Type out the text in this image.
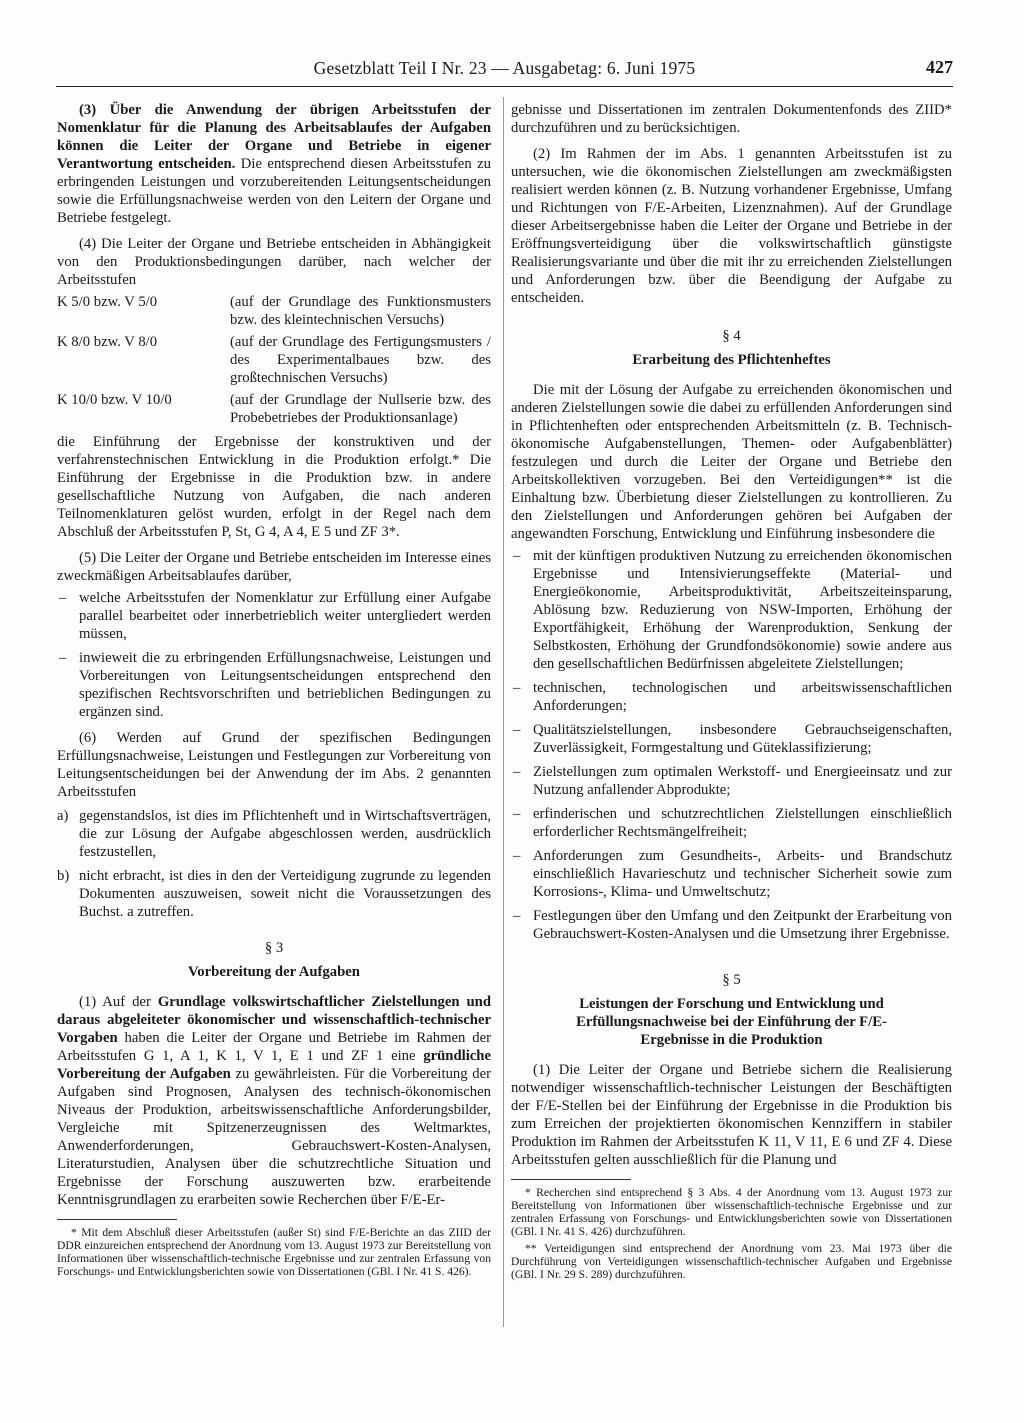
Gesetzblatt Teil I Nr. 23 — Ausgabetag: 6. Juni 1975	427

(3) Über die Anwendung der übrigen Arbeitsstufen der Nomenklatur für die Planung des Arbeitsablaufes der Aufgaben können die Leiter der Organe und Betriebe in eigener Verantwortung entscheiden. Die entsprechend diesen Arbeitsstufen zu erbringenden Leistungen und vorzubereitenden Leitungsentscheidungen sowie die Erfüllungsnachweise werden von den Leitern der Organe und Betriebe festgelegt.

(4) Die Leiter der Organe und Betriebe entscheiden in Abhängigkeit von den Produktionsbedingungen darüber, nach welcher der Arbeitsstufen

K 5/0 bzw. V 5/0	(auf der Grundlage des Funktionsmusters bzw. des kleintechnischen Versuchs)
K 8/0 bzw. V 8/0	(auf der Grundlage des Fertigungsmusters / des Experimentalbaues bzw. des großtechnischen Versuchs)
K 10/0 bzw. V 10/0	(auf der Grundlage der Nullserie bzw. des Probebetriebes der Produktionsanlage)

die Einführung der Ergebnisse der konstruktiven und der verfahrenstechnischen Entwicklung in die Produktion erfolgt.* Die Einführung der Ergebnisse in die Produktion bzw. in andere gesellschaftliche Nutzung von Aufgaben, die nach anderen Teilnomenklaturen gelöst wurden, erfolgt in der Regel nach dem Abschluß der Arbeitsstufen P, St, G 4, A 4, E 5 und ZF 3*.

(5) Die Leiter der Organe und Betriebe entscheiden im Interesse eines zweckmäßigen Arbeitsablaufes darüber,

– welche Arbeitsstufen der Nomenklatur zur Erfüllung einer Aufgabe parallel bearbeitet oder innerbetrieblich weiter untergliedert werden müssen,
– inwieweit die zu erbringenden Erfüllungsnachweise, Leistungen und Vorbereitungen von Leitungsentscheidungen entsprechend den spezifischen Rechtsvorschriften und betrieblichen Bedingungen zu ergänzen sind.

(6) Werden auf Grund der spezifischen Bedingungen Erfüllungsnachweise, Leistungen und Festlegungen zur Vorbereitung von Leitungsentscheidungen bei der Anwendung der im Abs. 2 genannten Arbeitsstufen

a) gegenstandslos, ist dies im Pflichtenheft und in Wirtschaftsverträgen, die zur Lösung der Aufgabe abgeschlossen werden, ausdrücklich festzustellen,
b) nicht erbracht, ist dies in den der Verteidigung zugrunde zu legenden Dokumenten auszuweisen, soweit nicht die Voraussetzungen des Buchst. a zutreffen.
§ 3
Vorbereitung der Aufgaben

(1) Auf der Grundlage volkswirtschaftlicher Zielstellungen und daraus abgeleiteter ökonomischer und wissenschaftlich-technischer Vorgaben haben die Leiter der Organe und Betriebe im Rahmen der Arbeitsstufen G 1, A 1, K 1, V 1, E 1 und ZF 1 eine gründliche Vorbereitung der Aufgaben zu gewährleisten. Für die Vorbereitung der Aufgaben sind Prognosen, Analysen des technisch-ökonomischen Niveaus der Produktion, arbeitswissenschaftliche Anforderungsbilder, Vergleiche mit Spitzenerzeugnissen des Weltmarktes, Anwenderforderungen, Gebrauchswert-Kosten-Analysen, Literaturstudien, Analysen über die schutzrechtliche Situation und Ergebnisse der Forschung auszuwerten bzw. erarbeitende Kenntnisgrundlagen zu erarbeiten sowie Recherchen über F/E-Er-

* Mit dem Abschluß dieser Arbeitsstufen (außer St) sind F/E-Berichte an das ZIID der DDR einzureichen entsprechend der Anordnung vom 13. August 1973 zur Bereitstellung von Informationen über wissenschaftlich-technische Ergebnisse und zur zentralen Erfassung von Forschungs- und Entwicklungsberichten sowie von Dissertationen (GBl. I Nr. 41 S. 426).

gebnisse und Dissertationen im zentralen Dokumentenfonds des ZIID* durchzuführen und zu berücksichtigen.

(2) Im Rahmen der im Abs. 1 genannten Arbeitsstufen ist zu untersuchen, wie die ökonomischen Zielstellungen am zweckmäßigsten realisiert werden können (z. B. Nutzung vorhandener Ergebnisse, Umfang und Richtungen von F/E-Arbeiten, Lizenznahmen). Auf der Grundlage dieser Arbeitsergebnisse haben die Leiter der Organe und Betriebe in der Eröffnungsverteidigung über die volkswirtschaftlich günstigste Realisierungsvariante und über die mit ihr zu erreichenden Zielstellungen und Anforderungen bzw. über die Beendigung der Aufgabe zu entscheiden.

§ 4
Erarbeitung des Pflichtenheftes

Die mit der Lösung der Aufgabe zu erreichenden ökonomischen und anderen Zielstellungen sowie die dabei zu erfüllenden Anforderungen sind in Pflichtenheften oder entsprechenden Arbeitsmitteln (z. B. Technisch-ökonomische Aufgabenstellungen, Themen- oder Aufgabenblätter) festzulegen und durch die Leiter der Organe und Betriebe den Arbeitskollektiven vorzugeben. Bei den Verteidigungen** ist die Einhaltung bzw. Überbietung dieser Zielstellungen zu kontrollieren. Zu den Zielstellungen und Anforderungen gehören bei Aufgaben der angewandten Forschung, Entwicklung und Einführung insbesondere die

– mit der künftigen produktiven Nutzung zu erreichenden ökonomischen Ergebnisse und Intensivierungseffekte (Material- und Energieökonomie, Arbeitsproduktivität, Arbeitszeiteinsparung, Ablösung bzw. Reduzierung von NSW-Importen, Erhöhung der Exportfähigkeit, Erhöhung der Warenproduktion, Senkung der Selbstkosten, Erhöhung der Grundfondsökonomie) sowie andere aus den gesellschaftlichen Bedürfnissen abgeleitete Zielstellungen;
– technischen, technologischen und arbeitswissenschaftlichen Anforderungen;
– Qualitätszielstellungen, insbesondere Gebrauchseigenschaften, Zuverlässigkeit, Formgestaltung und Güteklassifizierung;
– Zielstellungen zum optimalen Werkstoff- und Energieeinsatz und zur Nutzung anfallender Abprodukte;
– erfinderischen und schutzrechtlichen Zielstellungen einschließlich erforderlicher Rechtsmängelfreiheit;
– Anforderungen zum Gesundheits-, Arbeits- und Brandschutz einschließlich Havarieschutz und technischer Sicherheit sowie zum Korrosions-, Klima- und Umweltschutz;
– Festlegungen über den Umfang und den Zeitpunkt der Erarbeitung von Gebrauchswert-Kosten-Analysen und die Umsetzung ihrer Ergebnisse.
§ 5
Leistungen der Forschung und Entwicklung und Erfüllungsnachweise bei der Einführung der F/E-Ergebnisse in die Produktion

(1) Die Leiter der Organe und Betriebe sichern die Realisierung notwendiger wissenschaftlich-technischer Leistungen der Beschäftigten der F/E-Stellen bei der Einführung der Ergebnisse in die Produktion bis zum Erreichen der projektierten ökonomischen Kennziffern in stabiler Produktion im Rahmen der Arbeitsstufen K 11, V 11, E 6 und ZF 4. Diese Arbeitsstufen gelten ausschließlich für die Planung und

* Recherchen sind entsprechend § 3 Abs. 4 der Anordnung vom 13. August 1973 zur Bereitstellung von Informationen über wissenschaftlich-technische Ergebnisse und zur zentralen Erfassung von Forschungs- und Entwicklungsberichten sowie von Dissertationen (GBl. I Nr. 41 S. 426) durchzuführen.
** Verteidigungen sind entsprechend der Anordnung vom 23. Mai 1973 über die Durchführung von Verteidigungen wissenschaftlich-technischer Aufgaben und Ergebnisse (GBl. I Nr. 29 S. 289) durchzuführen.
